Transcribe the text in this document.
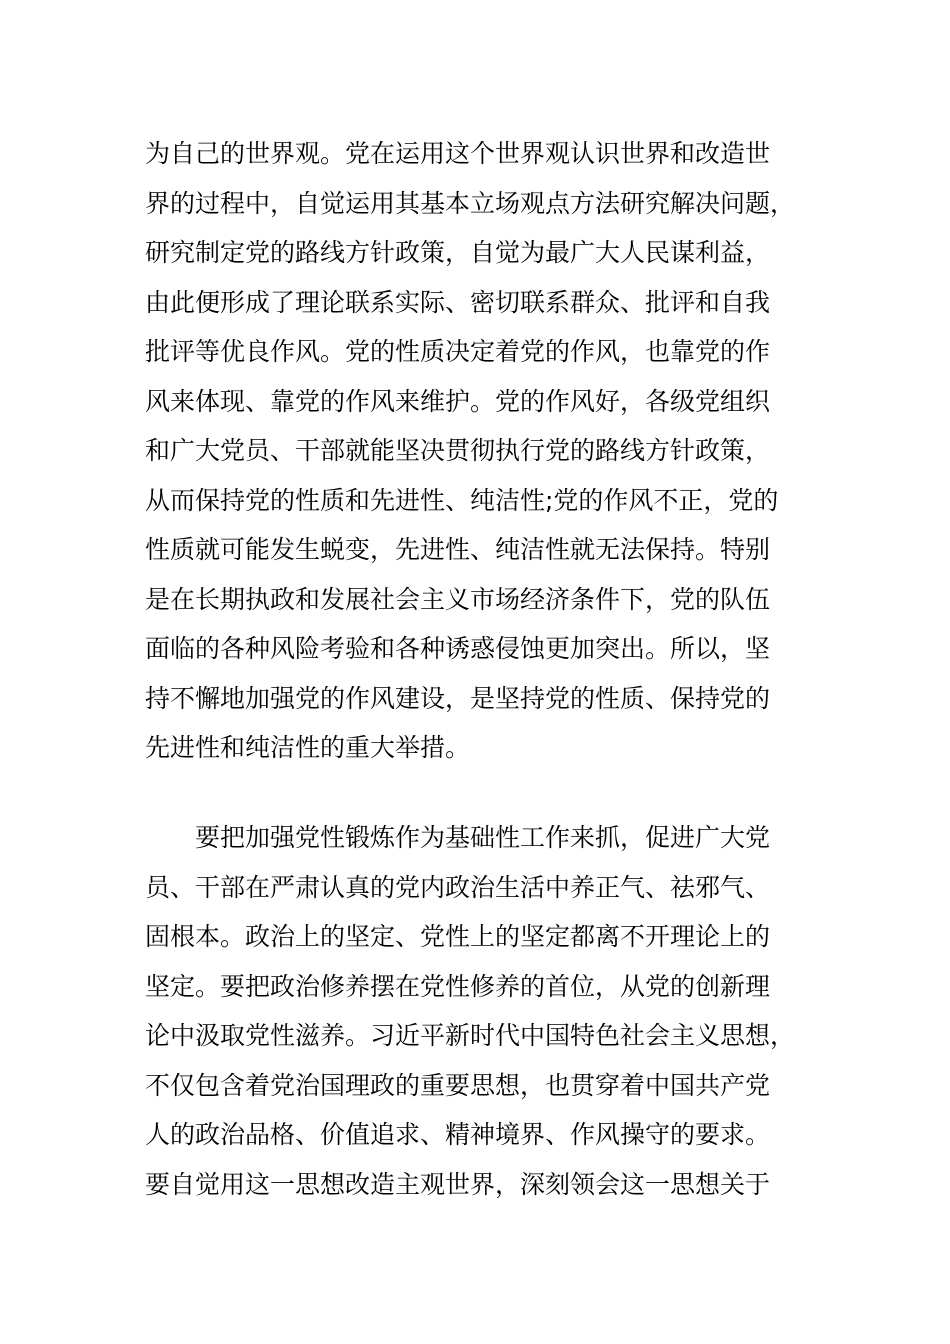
为自己的世界观。党在运用这个世界观认识世界和改造世
界的过程中，自觉运用其基本立场观点方法研究解决问题，
研究制定党的路线方针政策，自觉为最广大人民谋利益，
由此便形成了理论联系实际、密切联系群众、批评和自我
批评等优良作风。党的性质决定着党的作风，也靠党的作
风来体现、靠党的作风来维护。党的作风好，各级党组织
和广大党员、干部就能坚决贯彻执行党的路线方针政策，
从而保持党的性质和先进性、纯洁性;党的作风不正，党的
性质就可能发生蜕变，先进性、纯洁性就无法保持。特别
是在长期执政和发展社会主义市场经济条件下，党的队伍
面临的各种风险考验和各种诱惑侵蚀更加突出。所以，坚
持不懈地加强党的作风建设，是坚持党的性质、保持党的
先进性和纯洁性的重大举措。
　　要把加强党性锻炼作为基础性工作来抓，促进广大党
员、干部在严肃认真的党内政治生活中养正气、祛邪气、
固根本。政治上的坚定、党性上的坚定都离不开理论上的
坚定。要把政治修养摆在党性修养的首位，从党的创新理
论中汲取党性滋养。习近平新时代中国特色社会主义思想，
不仅包含着党治国理政的重要思想，也贯穿着中国共产党
人的政治品格、价值追求、精神境界、作风操守的要求。
要自觉用这一思想改造主观世界，深刻领会这一思想关于
